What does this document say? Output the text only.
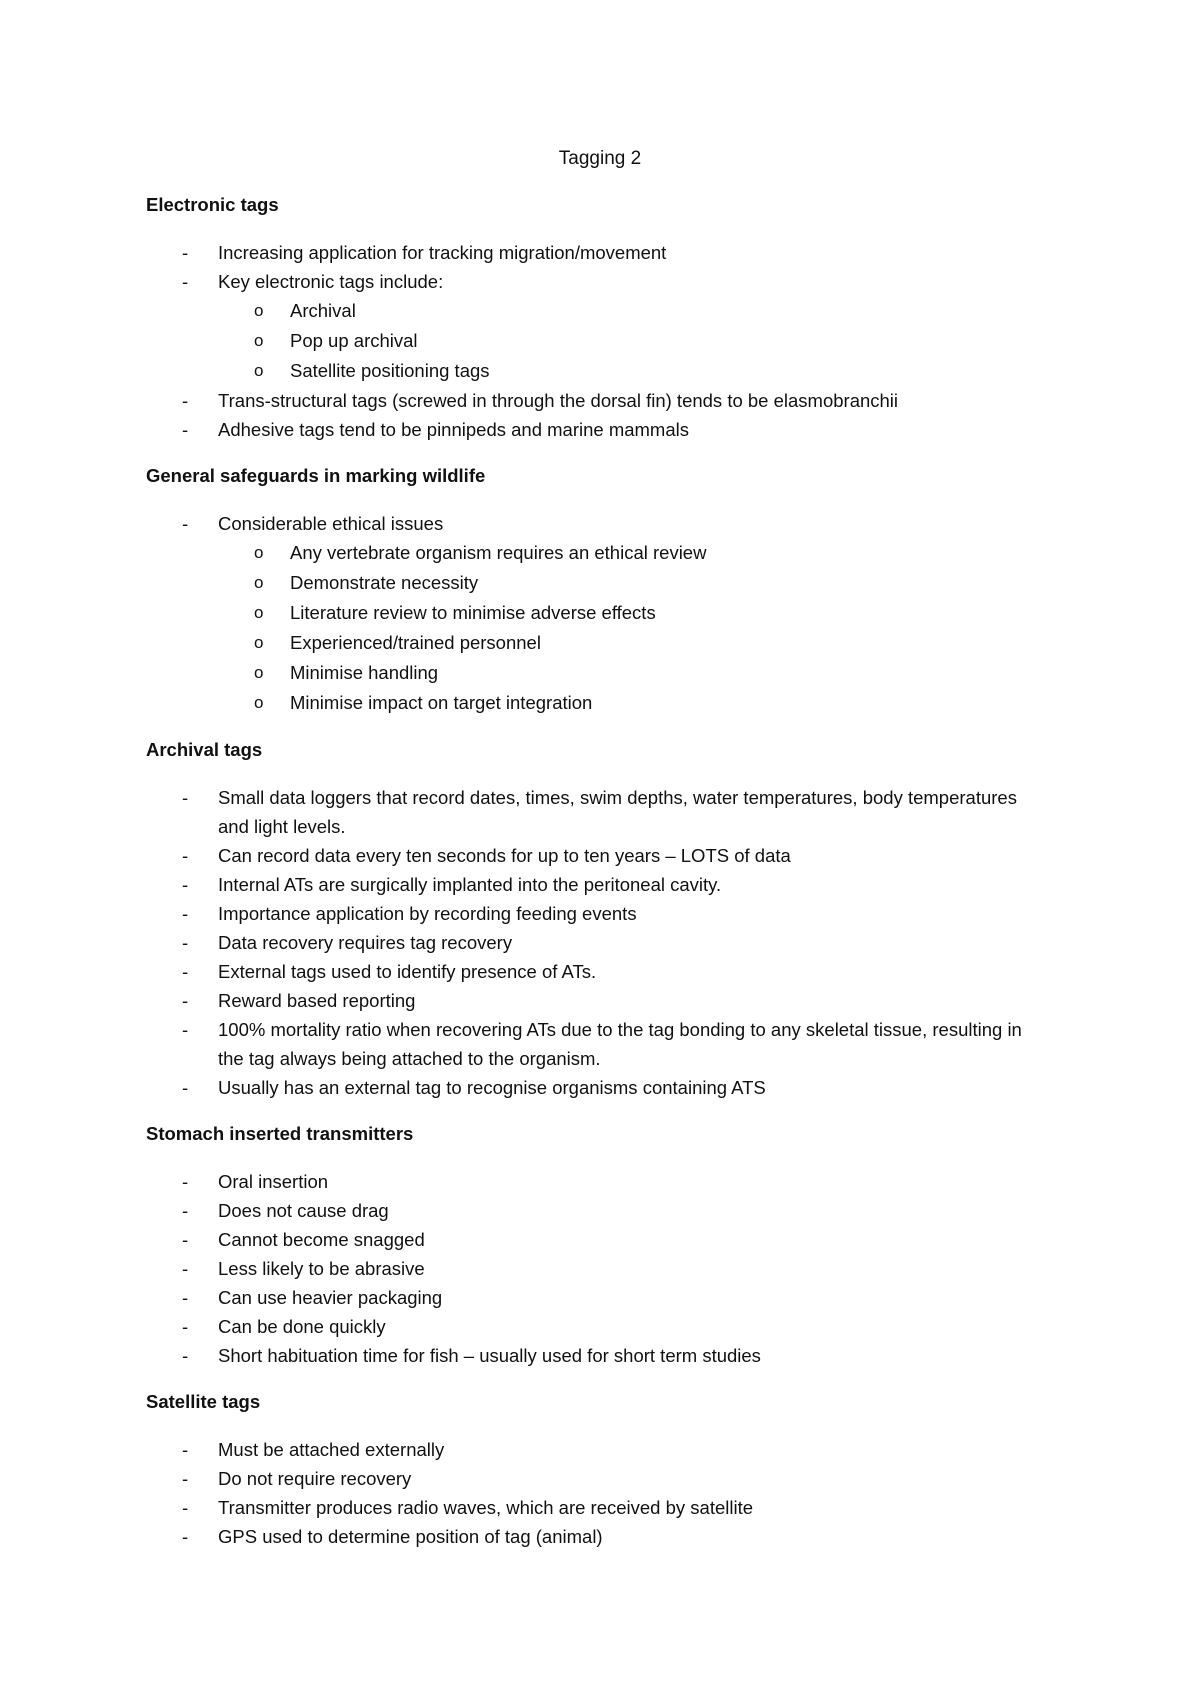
Tagging 2
Electronic tags
-	Increasing application for tracking migration/movement
-	Key electronic tags include:
o Archival
o Pop up archival
o Satellite positioning tags
-	Trans-structural tags (screwed in through the dorsal fin) tends to be elasmobranchii
-	Adhesive tags tend to be pinnipeds and marine mammals
General safeguards in marking wildlife
-	Considerable ethical issues
o Any vertebrate organism requires an ethical review
o Demonstrate necessity
o Literature review to minimise adverse effects
o Experienced/trained personnel
o Minimise handling
o Minimise impact on target integration
Archival tags
-	Small data loggers that record dates, times, swim depths, water temperatures, body temperatures and light levels.
-	Can record data every ten seconds for up to ten years – LOTS of data
-	Internal ATs are surgically implanted into the peritoneal cavity.
-	Importance application by recording feeding events
-	Data recovery requires tag recovery
-	External tags used to identify presence of ATs.
-	Reward based reporting
-	100% mortality ratio when recovering ATs due to the tag bonding to any skeletal tissue, resulting in the tag always being attached to the organism.
-	Usually has an external tag to recognise organisms containing ATS
Stomach inserted transmitters
-	Oral insertion
-	Does not cause drag
-	Cannot become snagged
-	Less likely to be abrasive
-	Can use heavier packaging
-	Can be done quickly
-	Short habituation time for fish – usually used for short term studies
Satellite tags
-	Must be attached externally
-	Do not require recovery
-	Transmitter produces radio waves, which are received by satellite
-	GPS used to determine position of tag (animal)
